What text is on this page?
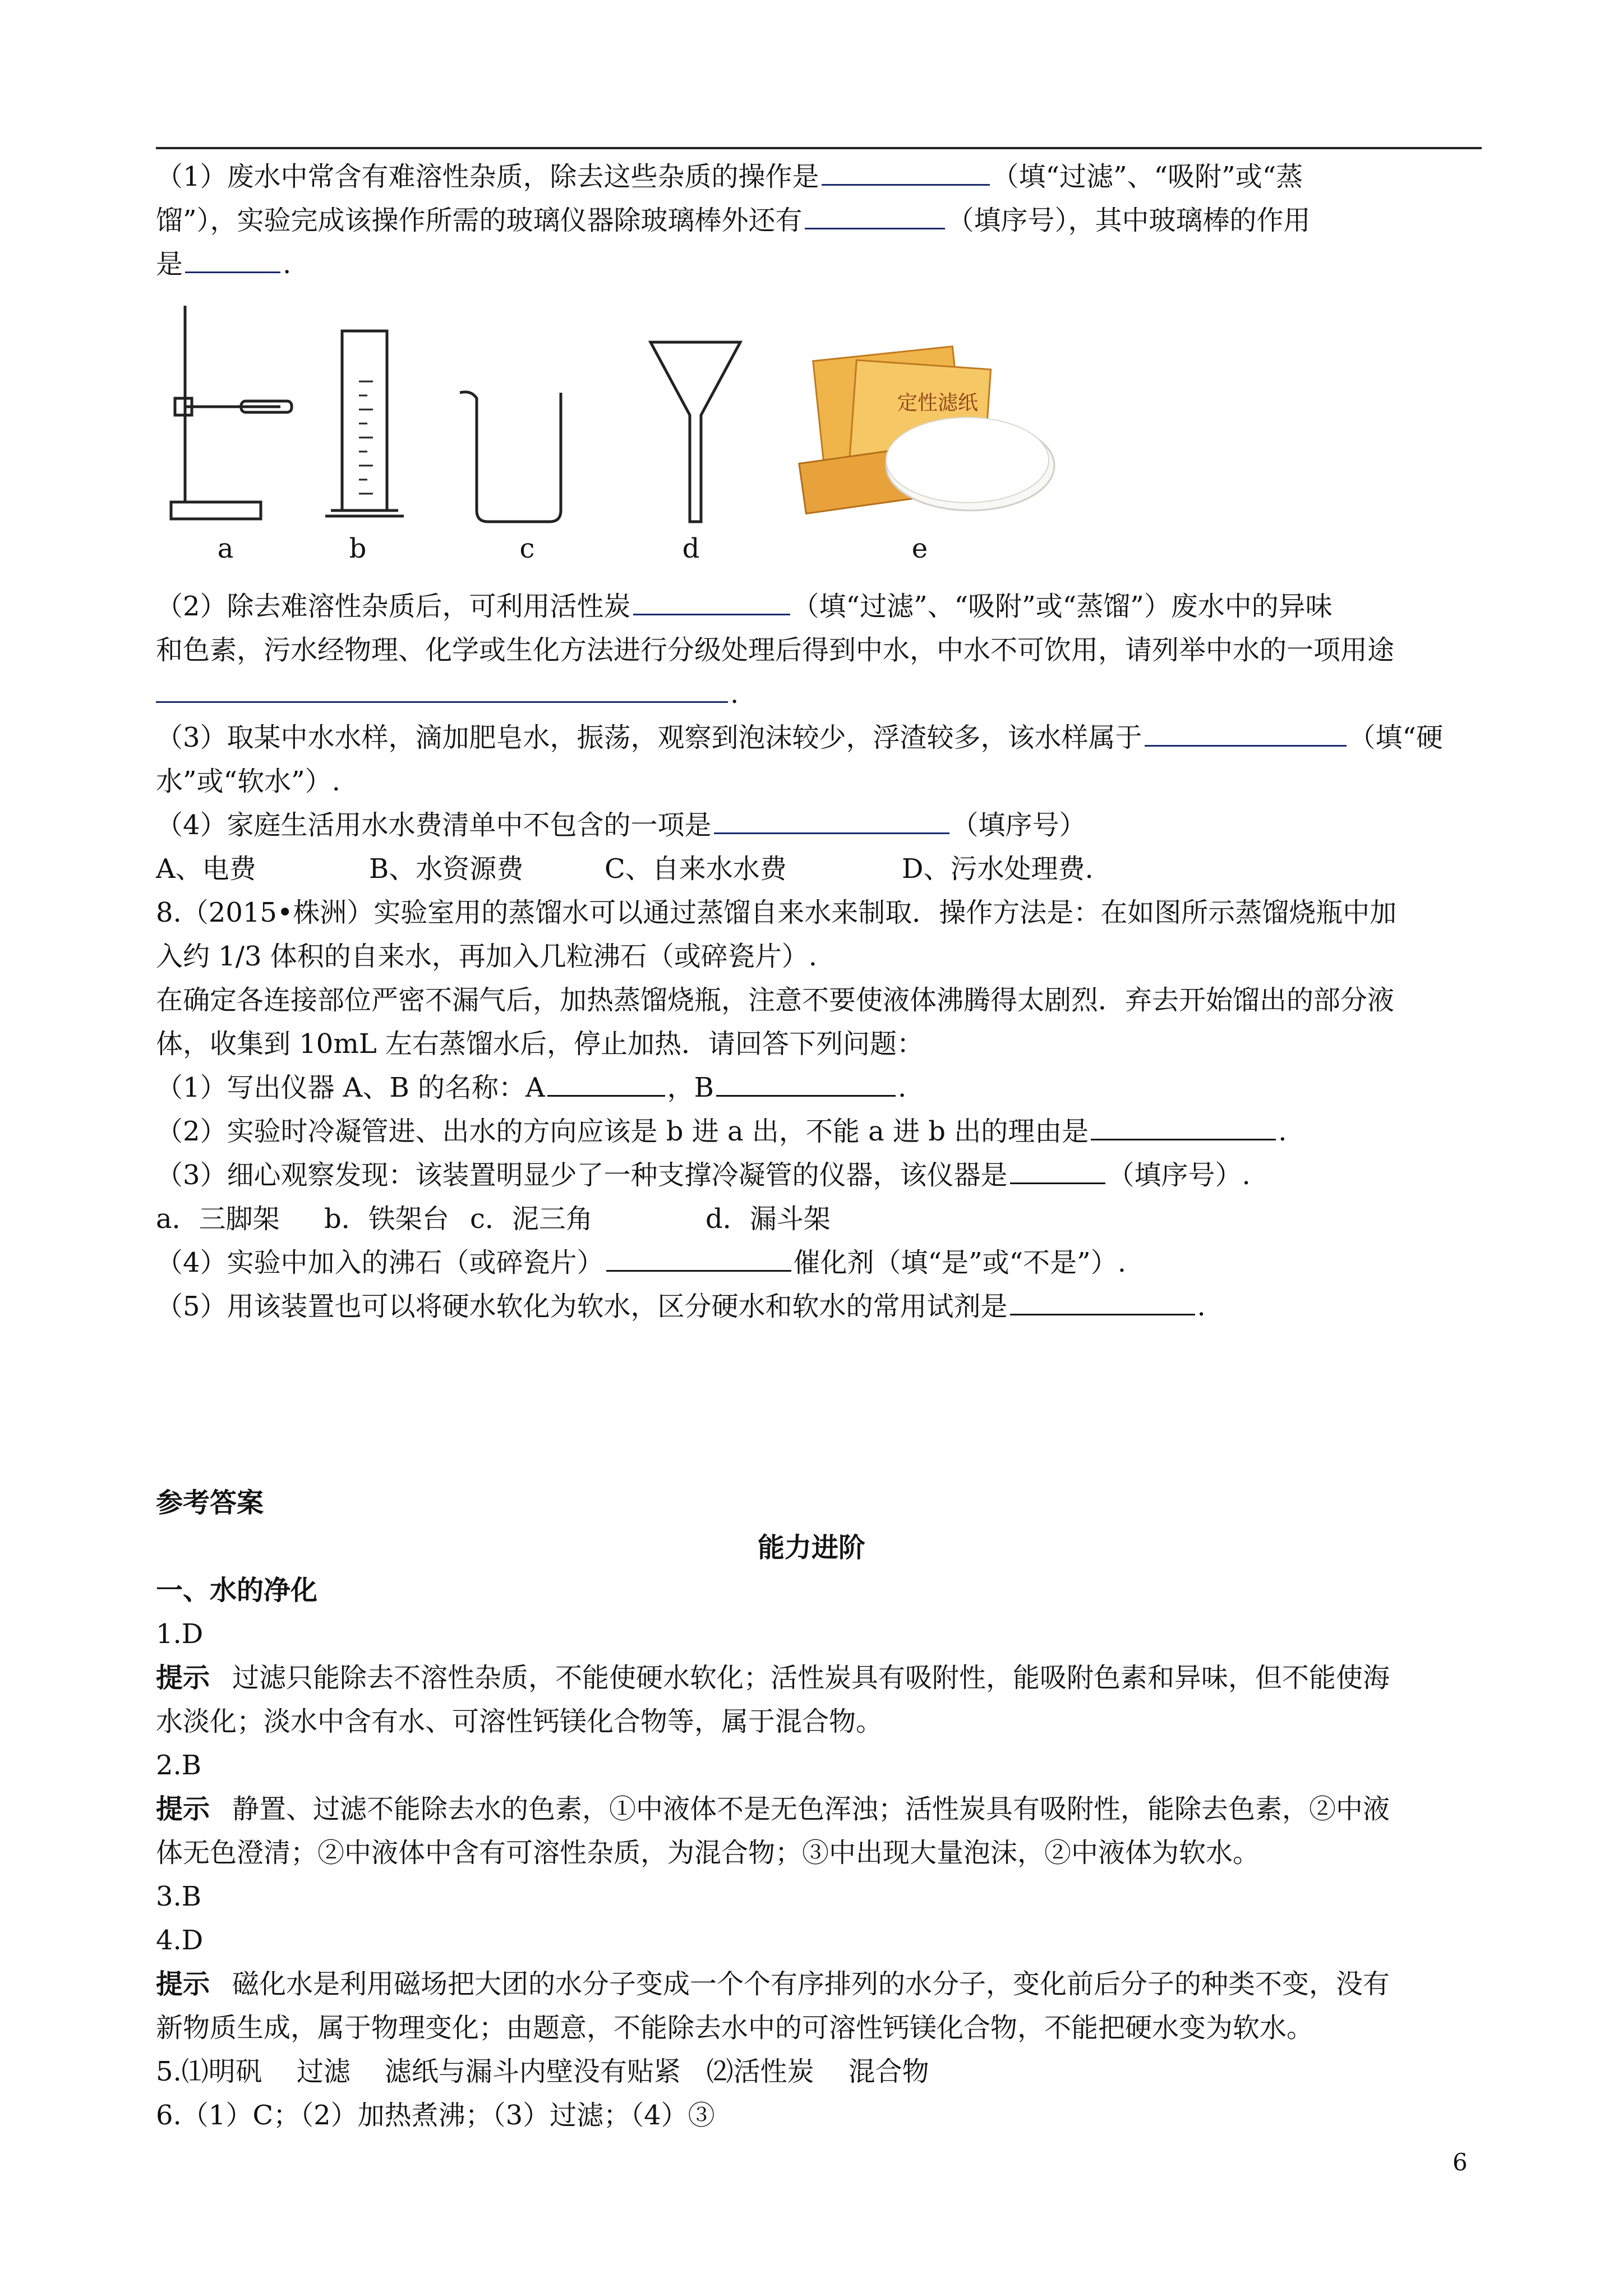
（1）废水中常含有难溶性杂质，除去这些杂质的操作是	（填“过滤”、“吸附”或“蒸
馏”），实验完成该操作所需的玻璃仪器除玻璃棒外还有	（填序号），其中玻璃棒的作用
是	.
定性滤纸
a	b	c	d	e
（2）除去难溶性杂质后，可利用活性炭	（填“过滤”、“吸附”或“蒸馏”）废水中的异味
和色素，污水经物理、化学或生化方法进行分级处理后得到中水，中水不可饮用，请列举中水的一项用途
.
（3）取某中水水样，滴加肥皂水，振荡，观察到泡沫较少，浮渣较多，该水样属于	（填“硬
水”或“软水”）.
（4）家庭生活用水水费清单中不包含的一项是	（填序号）
A、电费	B、水资源费	C、自来水水费	D、污水处理费.
8.（2015•株洲）实验室用的蒸馏水可以通过蒸馏自来水来制取．操作方法是：在如图所示蒸馏烧瓶中加
入约 1/3 体积的自来水，再加入几粒沸石（或碎瓷片）.
在确定各连接部位严密不漏气后，加热蒸馏烧瓶，注意不要使液体沸腾得太剧烈．弃去开始馏出的部分液
体，收集到 10mL 左右蒸馏水后，停止加热．请回答下列问题：
（1）写出仪器 A、B 的名称：A	，B	.
（2）实验时冷凝管进、出水的方向应该是 b 进 a 出，不能 a 进 b 出的理由是	.
（3）细心观察发现：该装置明显少了一种支撑冷凝管的仪器，该仪器是	（填序号）.
a．三脚架 b．铁架台 c．泥三角	d．漏斗架
（4）实验中加入的沸石（或碎瓷片）	催化剂（填“是”或“不是”）.
（5）用该装置也可以将硬水软化为软水，区分硬水和软水的常用试剂是	.
参考答案
能力进阶
一、水的净化
1.D
提示 过滤只能除去不溶性杂质，不能使硬水软化；活性炭具有吸附性，能吸附色素和异味，但不能使海
水淡化；淡水中含有水、可溶性钙镁化合物等，属于混合物。
2.B
提示 静置、过滤不能除去水的色素，①中液体不是无色浑浊；活性炭具有吸附性，能除去色素，②中液
体无色澄清；②中液体中含有可溶性杂质，为混合物；③中出现大量泡沫，②中液体为软水。
3.B
4.D
提示 磁化水是利用磁场把大团的水分子变成一个个有序排列的水分子，变化前后分子的种类不变，没有
新物质生成，属于物理变化；由题意，不能除去水中的可溶性钙镁化合物，不能把硬水变为软水。
5.⑴明矾    过滤    滤纸与漏斗内壁没有贴紧   ⑵活性炭    混合物
6.（1）C；（2）加热煮沸；（3）过滤；（4）③
6
